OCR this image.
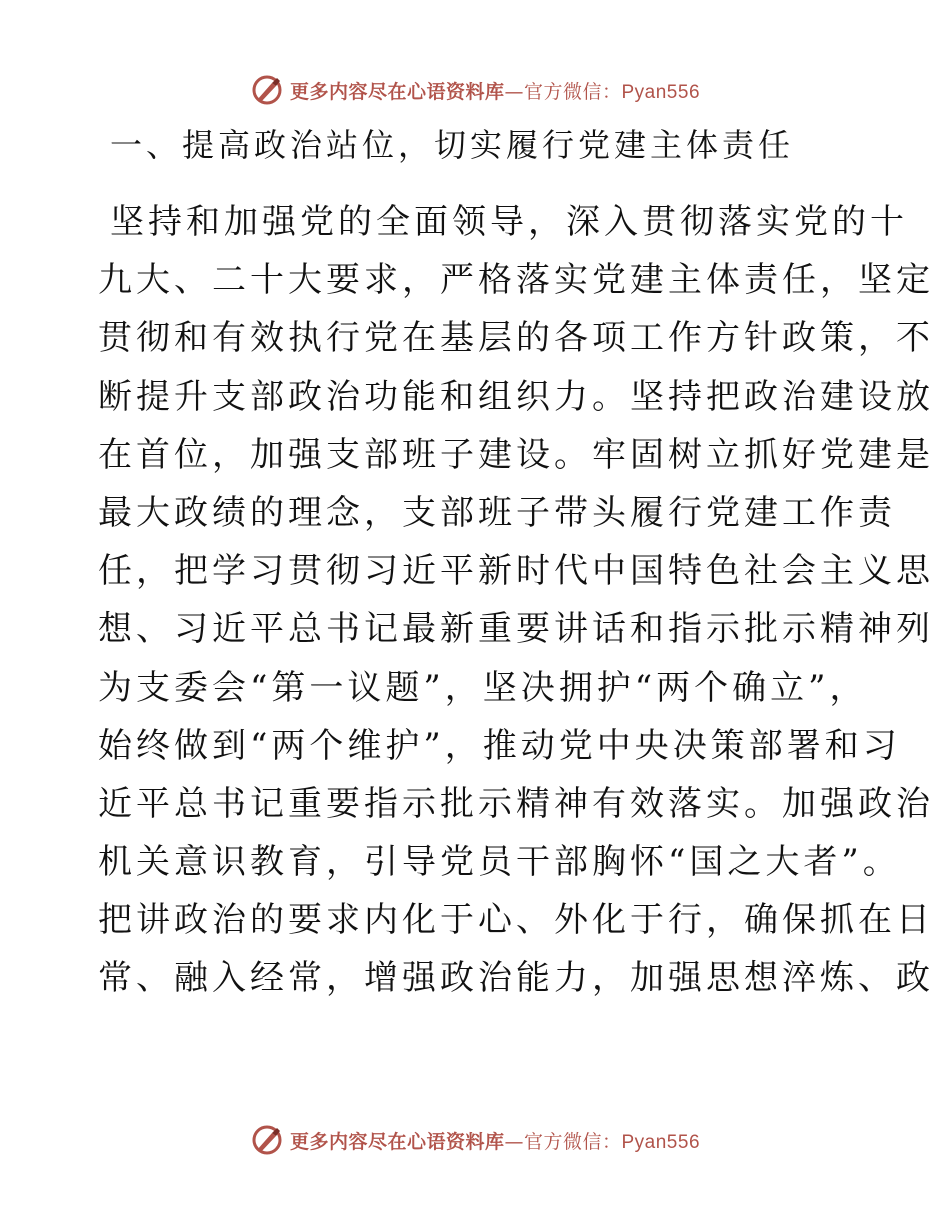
更多内容尽在心语资料库—官方微信：Pyan556
一、提高政治站位，切实履行党建主体责任
坚持和加强党的全面领导，深入贯彻落实党的十
九大、二十大要求，严格落实党建主体责任，坚定
贯彻和有效执行党在基层的各项工作方针政策，不
断提升支部政治功能和组织力。坚持把政治建设放
在首位，加强支部班子建设。牢固树立抓好党建是
最大政绩的理念，支部班子带头履行党建工作责
任，把学习贯彻习近平新时代中国特色社会主义思
想、习近平总书记最新重要讲话和指示批示精神列
为支委会“第一议题”，坚决拥护“两个确立”，
始终做到“两个维护”，推动党中央决策部署和习
近平总书记重要指示批示精神有效落实。加强政治
机关意识教育，引导党员干部胸怀“国之大者”。
把讲政治的要求内化于心、外化于行，确保抓在日
常、融入经常，增强政治能力，加强思想淬炼、政
更多内容尽在心语资料库—官方微信：Pyan556
